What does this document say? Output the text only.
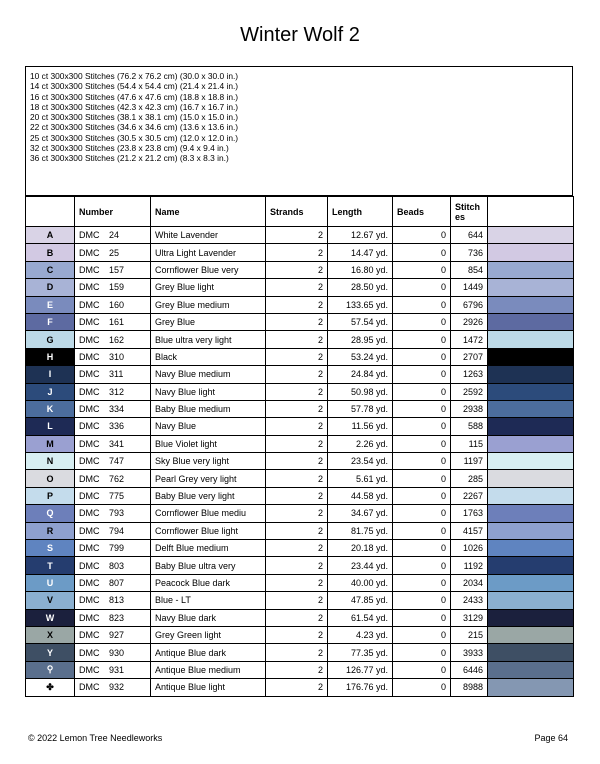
Winter Wolf 2
10 ct 300x300 Stitches (76.2 x 76.2 cm) (30.0 x 30.0 in.)
14 ct 300x300 Stitches (54.4 x 54.4 cm) (21.4 x 21.4 in.)
16 ct 300x300 Stitches (47.6 x 47.6 cm) (18.8 x 18.8 in.)
18 ct 300x300 Stitches (42.3 x 42.3 cm) (16.7 x 16.7 in.)
20 ct 300x300 Stitches (38.1 x 38.1 cm) (15.0 x 15.0 in.)
22 ct 300x300 Stitches (34.6 x 34.6 cm) (13.6 x 13.6 in.)
25 ct 300x300 Stitches (30.5 x 30.5 cm) (12.0 x 12.0 in.)
32 ct 300x300 Stitches (23.8 x 23.8 cm) (9.4 x 9.4 in.)
36 ct 300x300 Stitches (21.2 x 21.2 cm) (8.3 x 8.3 in.)
	Number	Name	Strands	Length	Beads	Stitch es	
A	DMC 24	White Lavender	2	12.67 yd.	0	644	
B	DMC 25	Ultra Light Lavender	2	14.47 yd.	0	736	
C	DMC 157	Cornflower Blue very	2	16.80 yd.	0	854	
D	DMC 159	Grey Blue light	2	28.50 yd.	0	1449	
E	DMC 160	Grey Blue medium	2	133.65 yd.	0	6796	
F	DMC 161	Grey Blue	2	57.54 yd.	0	2926	
G	DMC 162	Blue ultra very light	2	28.95 yd.	0	1472	
H	DMC 310	Black	2	53.24 yd.	0	2707	
I	DMC 311	Navy Blue medium	2	24.84 yd.	0	1263	
J	DMC 312	Navy Blue light	2	50.98 yd.	0	2592	
K	DMC 334	Baby Blue medium	2	57.78 yd.	0	2938	
L	DMC 336	Navy Blue	2	11.56 yd.	0	588	
M	DMC 341	Blue Violet light	2	2.26 yd.	0	115	
N	DMC 747	Sky Blue very light	2	23.54 yd.	0	1197	
O	DMC 762	Pearl Grey very light	2	5.61 yd.	0	285	
P	DMC 775	Baby Blue very light	2	44.58 yd.	0	2267	
Q	DMC 793	Cornflower Blue mediu	2	34.67 yd.	0	1763	
R	DMC 794	Cornflower Blue light	2	81.75 yd.	0	4157	
S	DMC 799	Delft Blue medium	2	20.18 yd.	0	1026	
T	DMC 803	Baby Blue ultra very	2	23.44 yd.	0	1192	
U	DMC 807	Peacock Blue dark	2	40.00 yd.	0	2034	
V	DMC 813	Blue - LT	2	47.85 yd.	0	2433	
W	DMC 823	Navy Blue dark	2	61.54 yd.	0	3129	
X	DMC 927	Grey Green light	2	4.23 yd.	0	215	
Y	DMC 930	Antique Blue dark	2	77.35 yd.	0	3933	
⚲	DMC 931	Antique Blue medium	2	126.77 yd.	0	6446	
✤	DMC 932	Antique Blue light	2	176.76 yd.	0	8988	
© 2022 Lemon Tree Needleworks	Page 64
